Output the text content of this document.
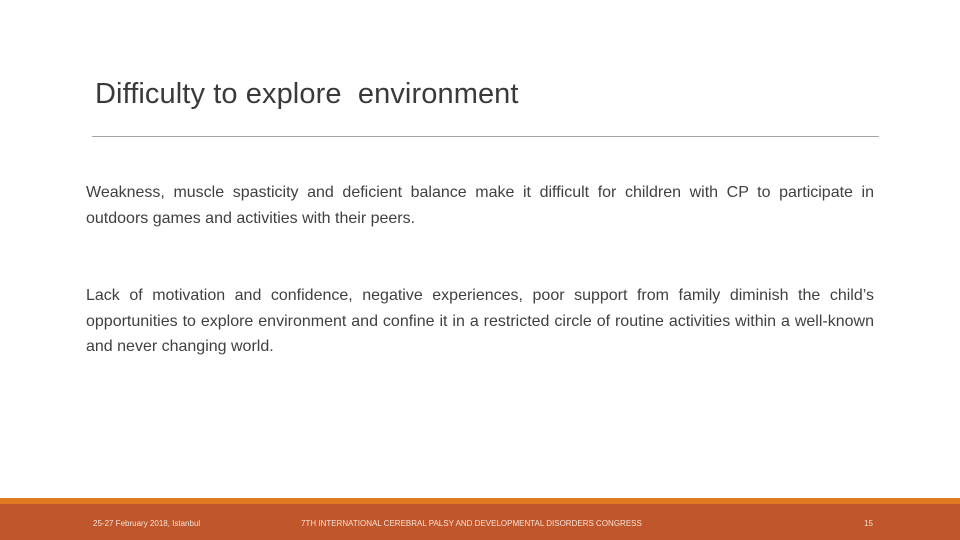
Difficulty to explore  environment

Weakness, muscle spasticity and deficient balance make it difficult for children with CP to participate in outdoors games and activities with their peers.

Lack of motivation and confidence, negative experiences, poor support from family diminish the child’s opportunities to explore environment and confine it in a restricted circle of routine activities within a well-known and never changing world.

25-27 February 2018, Istanbul	7TH INTERNATIONAL CEREBRAL PALSY AND DEVELOPMENTAL DISORDERS CONGRESS	15
